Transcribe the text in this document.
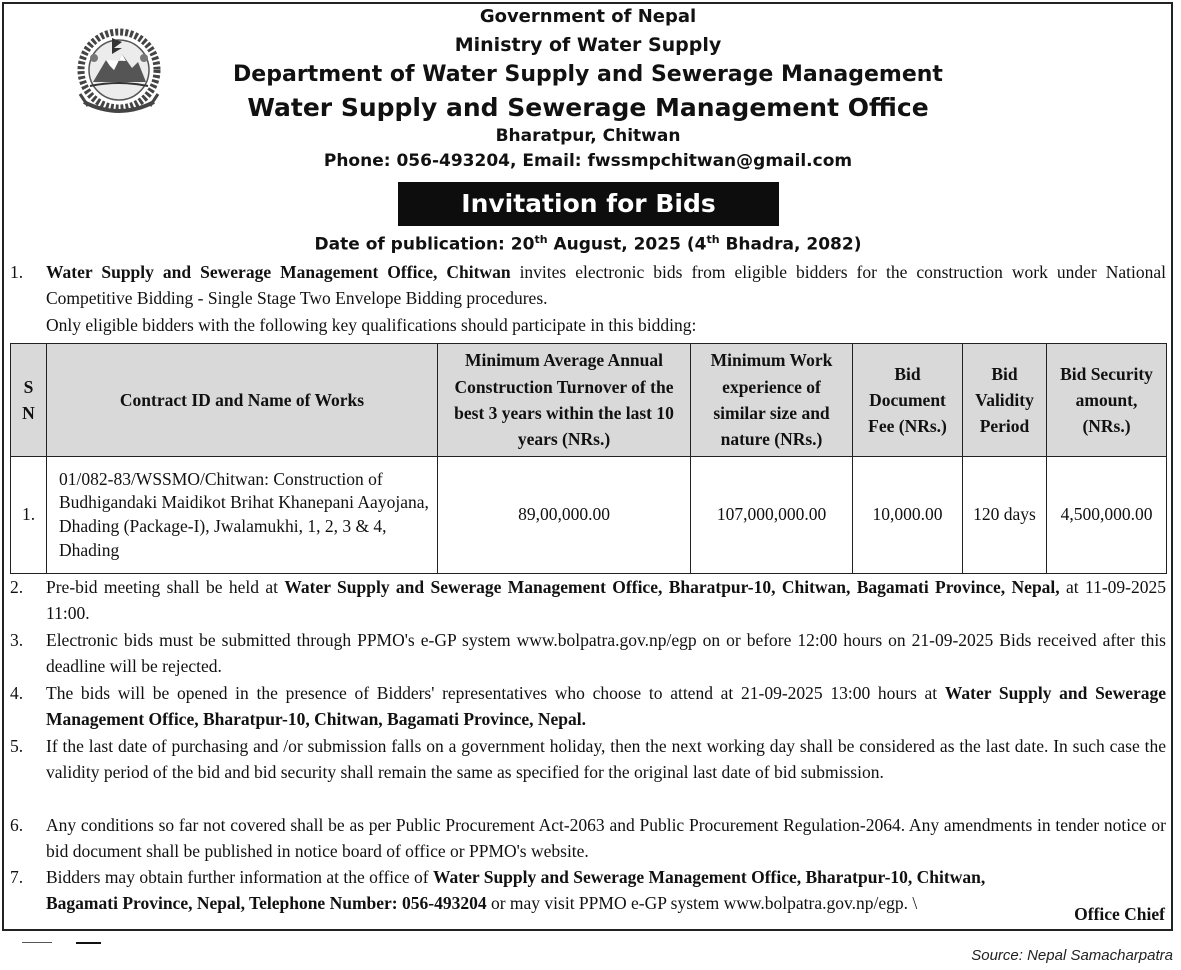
Government of Nepal
Ministry of Water Supply
Department of Water Supply and Sewerage Management
Water Supply and Sewerage Management Office
Bharatpur, Chitwan
Phone: 056-493204, Email: fwssmpchitwan@gmail.com
Invitation for Bids
Date of publication: 20th August, 2025 (4th Bhadra, 2082)
1. Water Supply and Sewerage Management Office, Chitwan invites electronic bids from eligible bidders for the construction work under National Competitive Bidding - Single Stage Two Envelope Bidding procedures.
Only eligible bidders with the following key qualifications should participate in this bidding:
S
N	Contract ID and Name of Works	Minimum Average Annual Construction Turnover of the best 3 years within the last 10 years (NRs.)	Minimum Work experience of similar size and nature (NRs.)	Bid Document Fee (NRs.)	Bid Validity Period	Bid Security amount, (NRs.)
1.	01/082-83/WSSMO/Chitwan: Construction of Budhigandaki Maidikot Brihat Khanepani Aayojana, Dhading (Package-I), Jwalamukhi, 1, 2, 3 & 4, Dhading	89,00,000.00	107,000,000.00	10,000.00	120 days	4,500,000.00
2. Pre-bid meeting shall be held at Water Supply and Sewerage Management Office, Bharatpur-10, Chitwan, Bagamati Province, Nepal, at 11-09-2025 11:00.
3. Electronic bids must be submitted through PPMO's e-GP system www.bolpatra.gov.np/egp on or before 12:00 hours on 21-09-2025 Bids received after this deadline will be rejected.
4. The bids will be opened in the presence of Bidders' representatives who choose to attend at 21-09-2025 13:00 hours at Water Supply and Sewerage Management Office, Bharatpur-10, Chitwan, Bagamati Province, Nepal.
5. If the last date of purchasing and /or submission falls on a government holiday, then the next working day shall be considered as the last date. In such case the validity period of the bid and bid security shall remain the same as specified for the original last date of bid submission.
6. Any conditions so far not covered shall be as per Public Procurement Act-2063 and Public Procurement Regulation-2064. Any amendments in tender notice or bid document shall be published in notice board of office or PPMO's website.
7. Bidders may obtain further information at the office of Water Supply and Sewerage Management Office, Bharatpur-10, Chitwan, Bagamati Province, Nepal, Telephone Number: 056-493204 or may visit PPMO e-GP system www.bolpatra.gov.np/egp. \
Office Chief
Source: Nepal Samacharpatra
